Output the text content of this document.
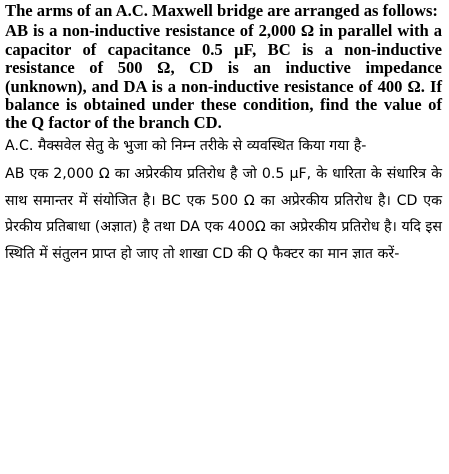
The arms of an A.C. Maxwell bridge are arranged as follows:

AB is a non-inductive resistance of 2,000 Ω in parallel with a capacitor of capacitance 0.5 μF, BC is a non-inductive resistance of 500 Ω, CD is an inductive impedance (unknown), and DA is a non-inductive resistance of 400 Ω. If balance is obtained under these condition, find the value of the Q factor of the branch CD.

A.C. मैक्सवेल सेतु के भुजा को निम्न तरीके से व्यवस्थित किया गया है-

AB एक 2,000 Ω का अप्रेरकीय प्रतिरोध है जो 0.5 μF, के धारिता के संधारित्र के साथ समान्तर में संयोजित है। BC एक 500 Ω का अप्रेरकीय प्रतिरोध है। CD एक प्रेरकीय प्रतिबाधा (अज्ञात) है तथा DA एक 400Ω का अप्रेरकीय प्रतिरोध है। यदि इस स्थिति में संतुलन प्राप्त हो जाए तो शाखा CD की Q फैक्टर का मान ज्ञात करें-
